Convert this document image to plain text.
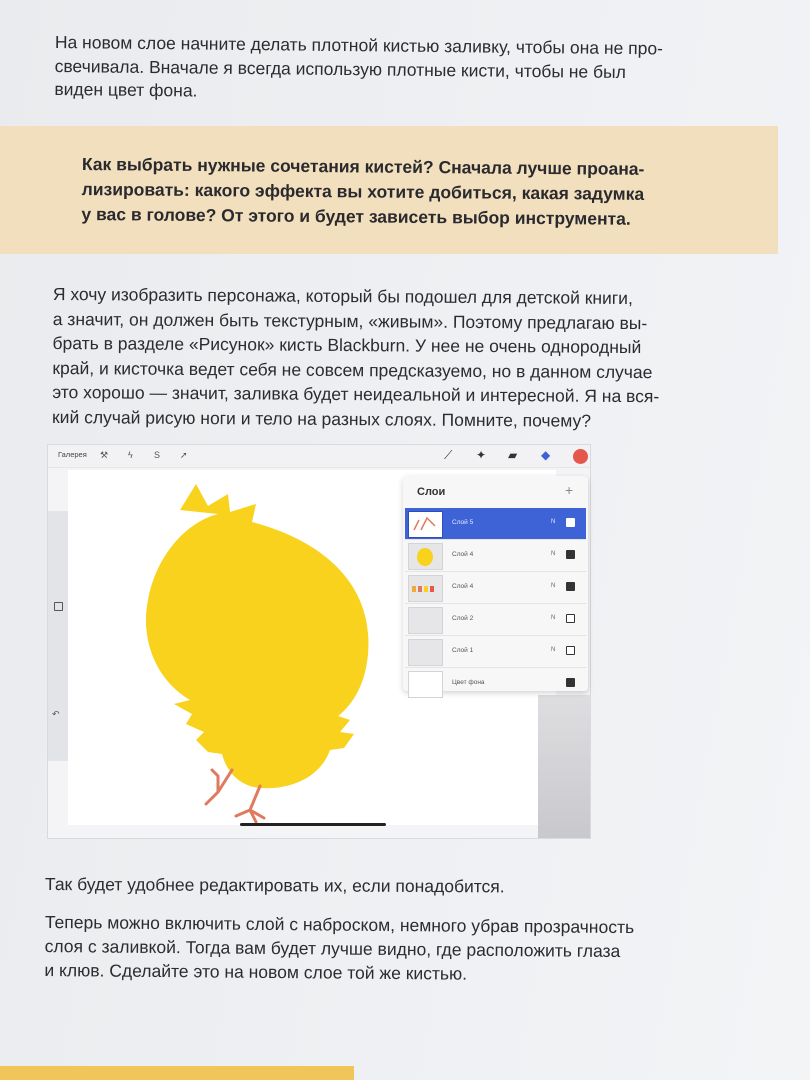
На новом слое начните делать плотной кистью заливку, чтобы она не про-
свечивала. Вначале я всегда использую плотные кисти, чтобы не был
виден цвет фона.
Как выбрать нужные сочетания кистей? Сначала лучше проана-
лизировать: какого эффекта вы хотите добиться, какая задумка
у вас в голове? От этого и будет зависеть выбор инструмента.
Я хочу изобразить персонажа, который бы подошел для детской книги,
а значит, он должен быть текстурным, «живым». Поэтому предлагаю вы-
брать в разделе «Рисунок» кисть Blackburn. У нее не очень однородный
край, и кисточка ведет себя не совсем предсказуемо, но в данном случае
это хорошо — значит, заливка будет неидеальной и интересной. Я на вся-
кий случай рисую ноги и тело на разных слоях. Помните, почему?
Галерея ⚒ ϟ S ➚	⟋ ✦ ▰ ◆
↶
Слои	+
Слой 5	N
Слой 4	N
Слой 4	N
Слой 2	N
Слой 1	N
Цвет фона
Так будет удобнее редактировать их, если понадобится.
Теперь можно включить слой с наброском, немного убрав прозрачность
слоя с заливкой. Тогда вам будет лучше видно, где расположить глаза
и клюв. Сделайте это на новом слое той же кистью.
